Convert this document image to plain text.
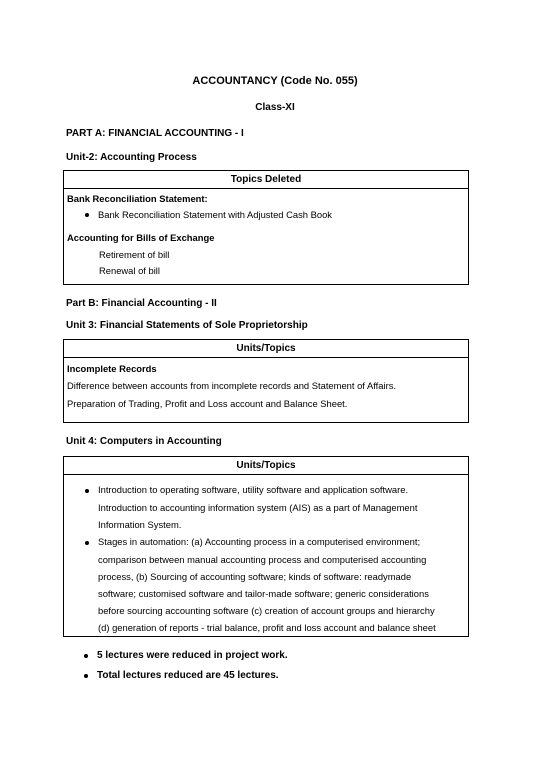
ACCOUNTANCY (Code No. 055)
Class-XI
PART A: FINANCIAL ACCOUNTING - I
Unit-2: Accounting Process
Topics Deleted
Bank Reconciliation Statement:
Bank Reconciliation Statement with Adjusted Cash Book
Accounting for Bills of Exchange
Retirement of bill
Renewal of bill
Part B: Financial Accounting - II
Unit 3: Financial Statements of Sole Proprietorship
Units/Topics
Incomplete Records
Difference between accounts from incomplete records and Statement of Affairs.
Preparation of Trading, Profit and Loss account and Balance Sheet.
Unit 4: Computers in Accounting
Units/Topics
Introduction to operating software, utility software and application software.
Introduction to accounting information system (AIS) as a part of Management
Information System.
Stages in automation: (a) Accounting process in a computerised environment;
comparison between manual accounting process and computerised accounting
process, (b) Sourcing of accounting software; kinds of software: readymade
software; customised software and tailor-made software; generic considerations
before sourcing accounting software (c) creation of account groups and hierarchy
(d) generation of reports - trial balance, profit and loss account and balance sheet
5 lectures were reduced in project work.
Total lectures reduced are 45 lectures.
